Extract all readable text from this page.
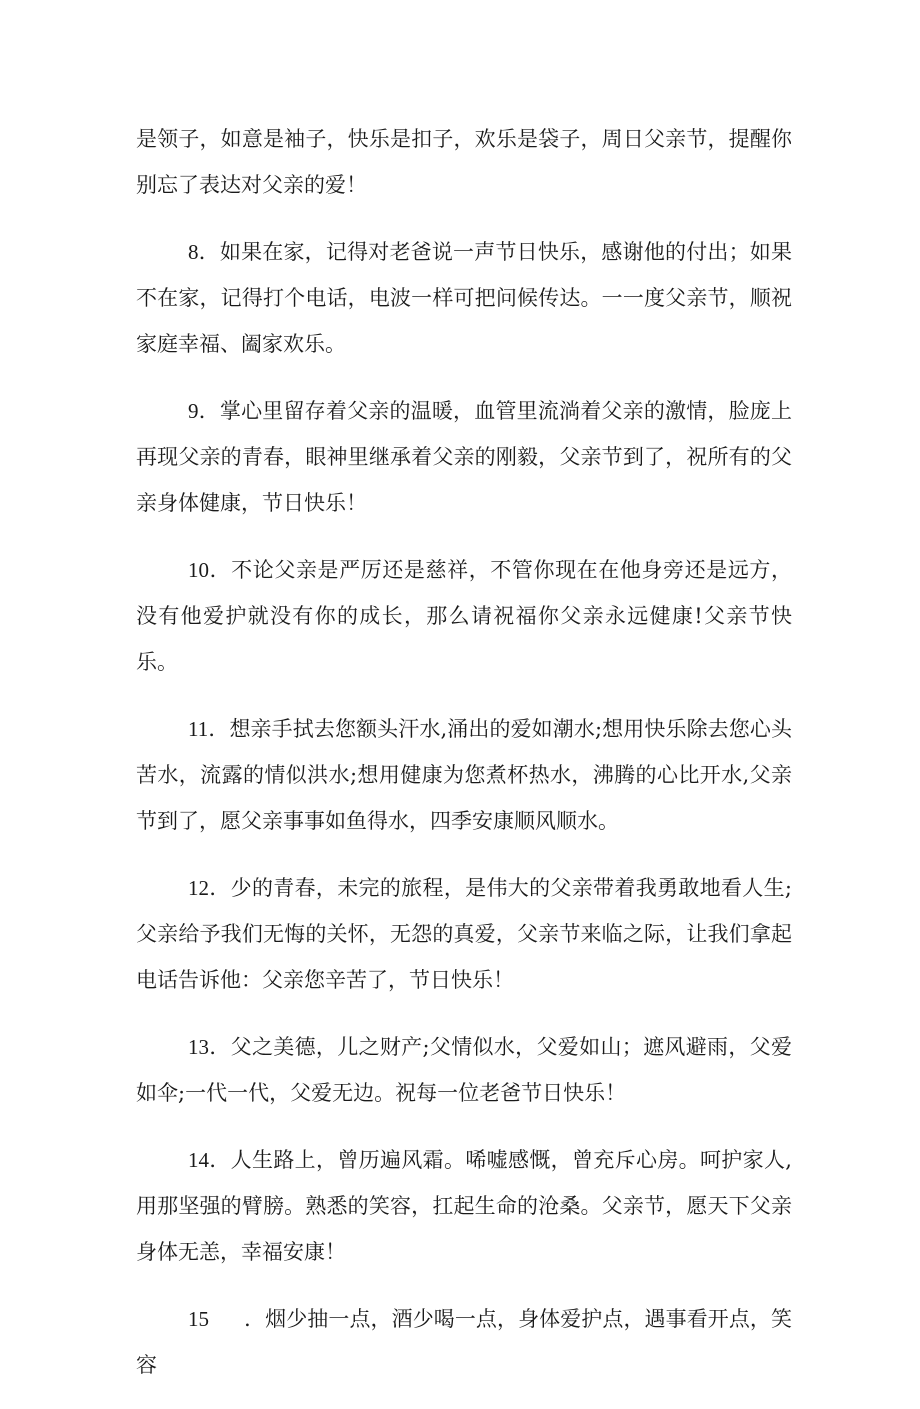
是领子，如意是袖子，快乐是扣子，欢乐是袋子，周日父亲节，提醒你别忘了表达对父亲的爱！

8．如果在家，记得对老爸说一声节日快乐，感谢他的付出；如果不在家，记得打个电话，电波一样可把问候传达。一一度父亲节，顺祝家庭幸福、阖家欢乐。

9．掌心里留存着父亲的温暖，血管里流淌着父亲的激情，脸庞上再现父亲的青春，眼神里继承着父亲的刚毅，父亲节到了，祝所有的父亲身体健康，节日快乐！

10．不论父亲是严厉还是慈祥，不管你现在在他身旁还是远方，没有他爱护就没有你的成长，那么请祝福你父亲永远健康!父亲节快乐。

11．想亲手拭去您额头汗水,涌出的爱如潮水;想用快乐除去您心头苦水，流露的情似洪水;想用健康为您煮杯热水，沸腾的心比开水,父亲节到了，愿父亲事事如鱼得水，四季安康顺风顺水。

12．少的青春，未完的旅程，是伟大的父亲带着我勇敢地看人生;父亲给予我们无悔的关怀，无怨的真爱，父亲节来临之际，让我们拿起电话告诉他：父亲您辛苦了，节日快乐！

13．父之美德，儿之财产;父情似水，父爱如山；遮风避雨，父爱如伞;一代一代，父爱无边。祝每一位老爸节日快乐！

14．人生路上，曾历遍风霜。唏嘘感慨，曾充斥心房。呵护家人,用那坚强的臂膀。熟悉的笑容，扛起生命的沧桑。父亲节，愿天下父亲身体无恙，幸福安康！

15 ．烟少抽一点，酒少喝一点，身体爱护点，遇事看开点，笑容
